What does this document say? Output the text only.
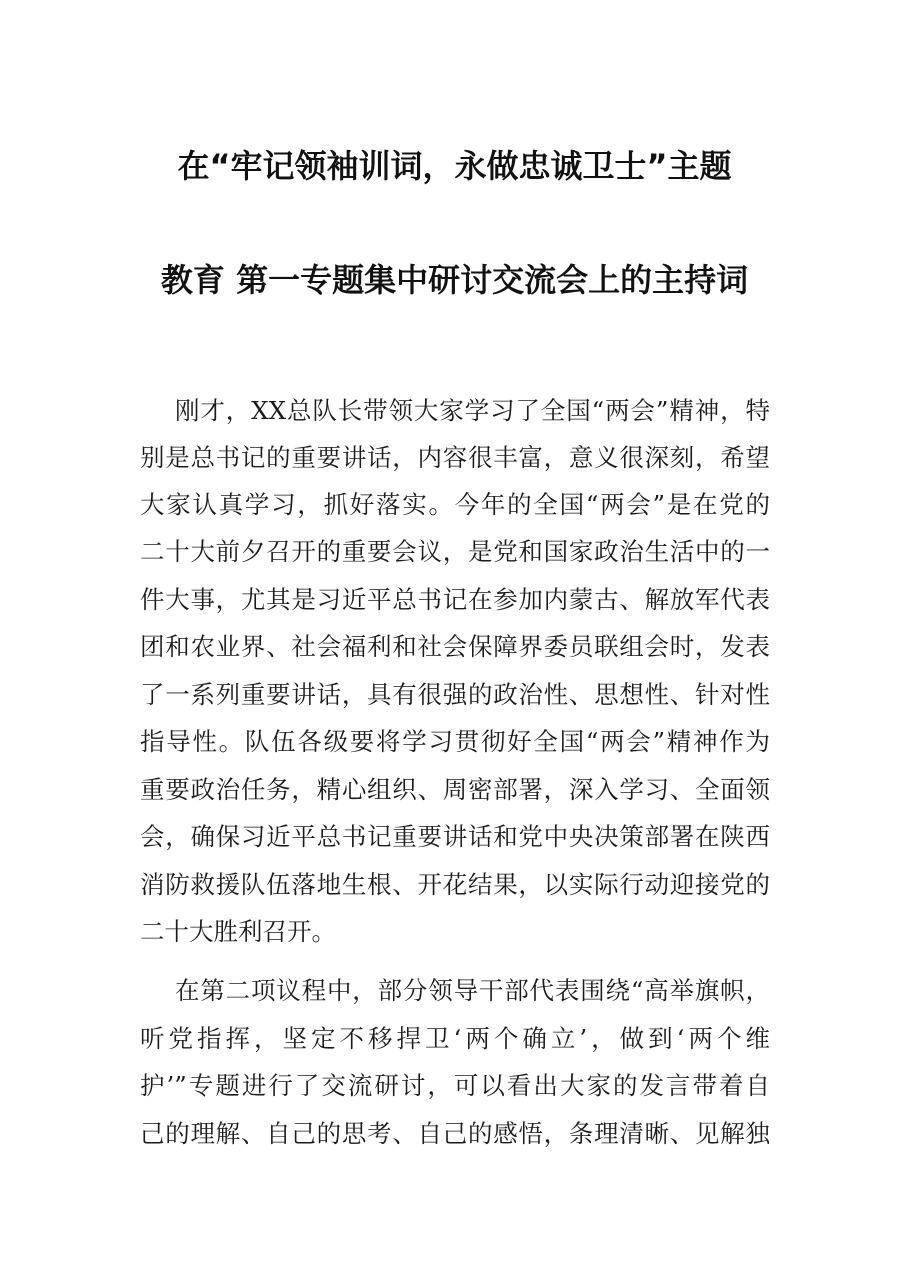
在“牢记领袖训词，永做忠诚卫士”主题
教育 第一专题集中研讨交流会上的主持词
刚才，XX总队长带领大家学习了全国“两会”精神，特
别是总书记的重要讲话，内容很丰富，意义很深刻，希望
大家认真学习，抓好落实。今年的全国“两会”是在党的
二十大前夕召开的重要会议，是党和国家政治生活中的一
件大事，尤其是习近平总书记在参加内蒙古、解放军代表
团和农业界、社会福利和社会保障界委员联组会时，发表
了一系列重要讲话，具有很强的政治性、思想性、针对性
指导性。队伍各级要将学习贯彻好全国“两会”精神作为
重要政治任务，精心组织、周密部署，深入学习、全面领
会，确保习近平总书记重要讲话和党中央决策部署在陕西
消防救援队伍落地生根、开花结果，以实际行动迎接党的
二十大胜利召开。
在第二项议程中，部分领导干部代表围绕“高举旗帜，
听党指挥，坚定不移捍卫‘两个确立’，做到‘两个维
护’”专题进行了交流研讨，可以看出大家的发言带着自
己的理解、自己的思考、自己的感悟，条理清晰、见解独
